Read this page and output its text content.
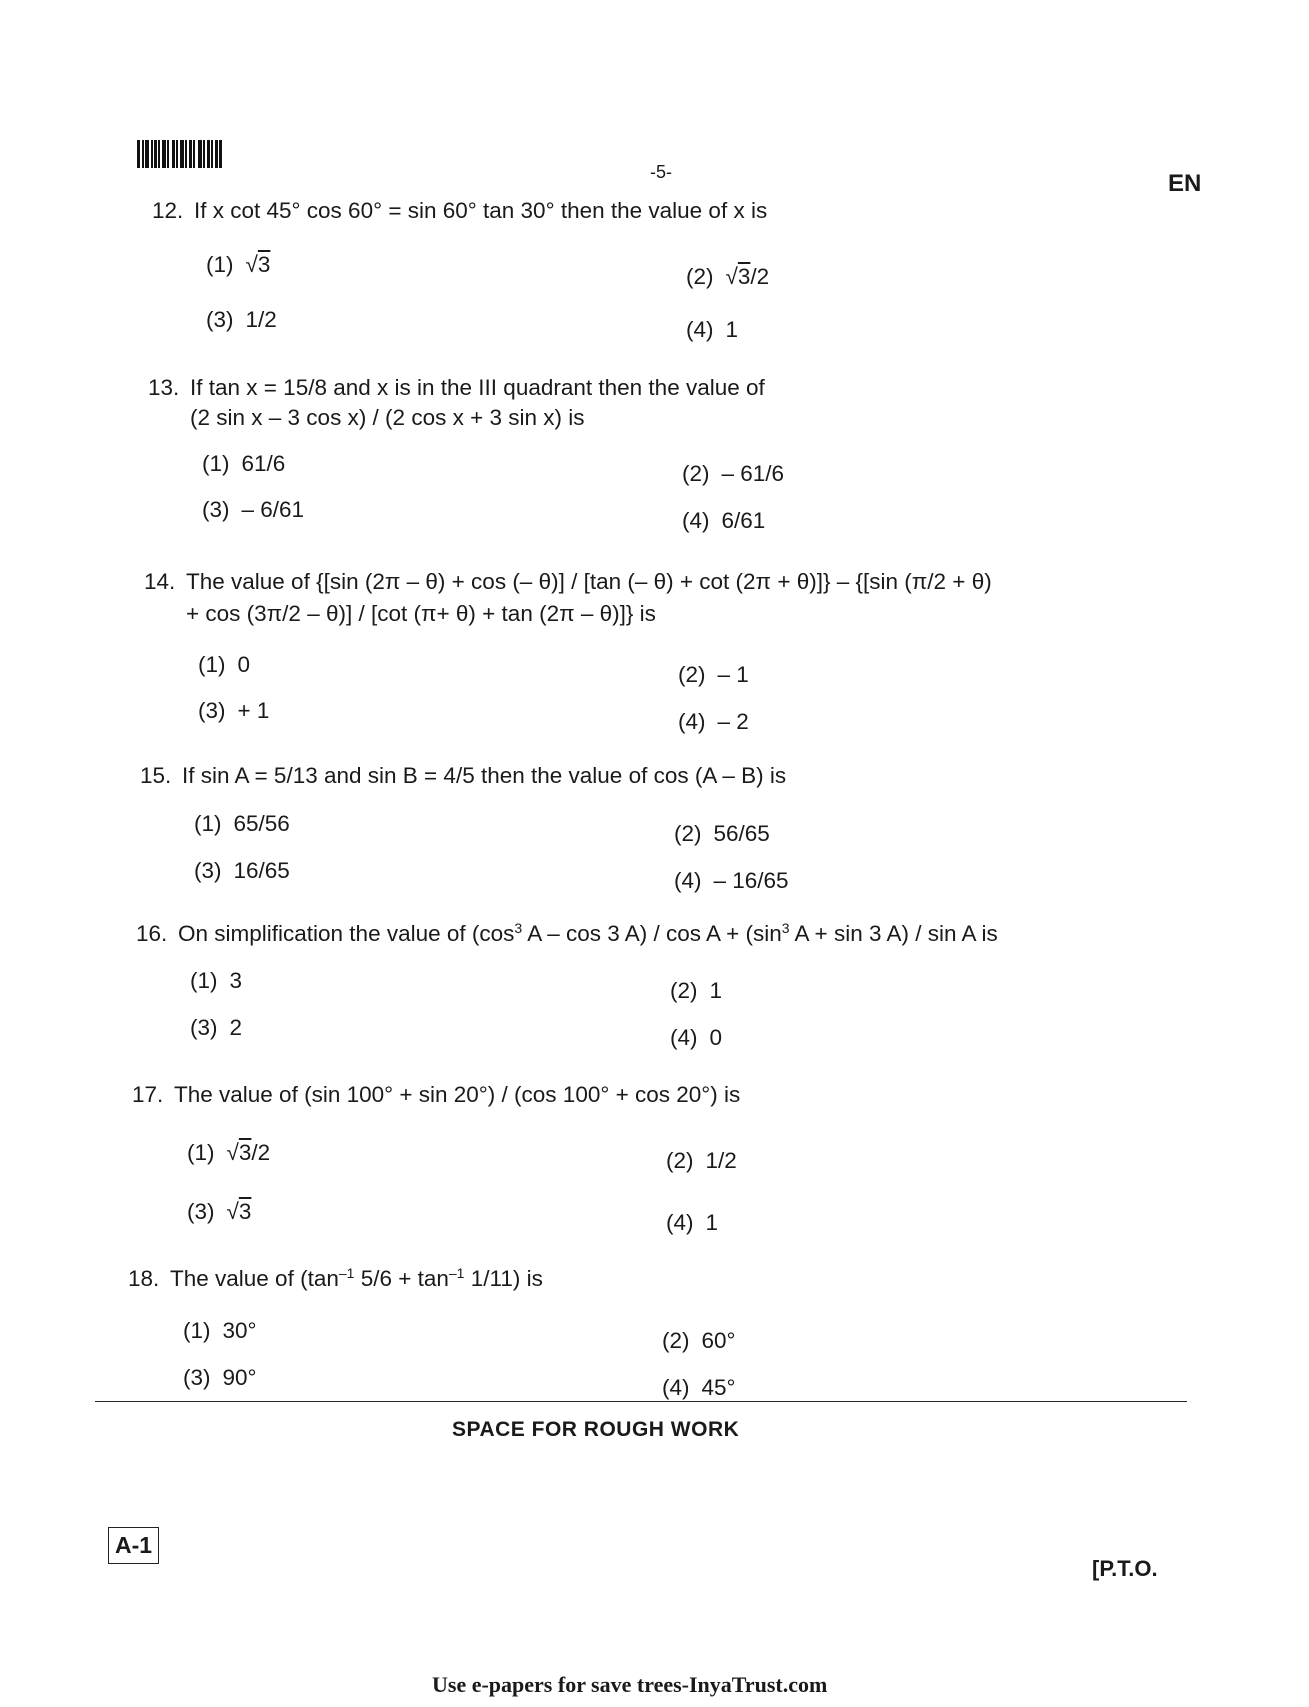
-5-	EN
12. If x cot 45° cos 60° = sin 60° tan 30° then the value of x is
(1) √3	(2) √3/2
(3) 1/2	(4) 1
13. If tan x = 15/8 and x is in the III quadrant then the value of
(2 sin x – 3 cos x) / (2 cos x + 3 sin x) is
(1) 61/6	(2) – 61/6
(3) – 6/61	(4) 6/61
14. The value of {[sin (2π – θ) + cos (– θ)] / [tan (– θ) + cot (2π + θ)]} – {[sin (π/2 + θ)
+ cos (3π/2 – θ)] / [cot (π+ θ) + tan (2π – θ)]} is
(1) 0	(2) – 1
(3) + 1	(4) – 2
15. If sin A = 5/13 and sin B = 4/5 then the value of cos (A – B) is
(1) 65/56	(2) 56/65
(3) 16/65	(4) – 16/65
16. On simplification the value of ($\cos^3$ A – cos 3 $A) / \cos A + (\sin^3$ A + sin 3 A) / sin A is
(1) 3	(2) 1
(3) 2	(4) 0
17. The value of (sin 100° + sin 20°) / (cos 100° + cos 20°) is
(1) √3/2	(2) 1/2
(3) √3	(4) 1
18. The value of ($\tan^{-1}$ $5/6 + \tan^{-1} 1/11$) is
(1) 30°	(2) 60°
(3) 90°	(4) 45°
SPACE FOR ROUGH WORK
A-1
[P.T.O.
Use e-papers for save trees-InyaTrust.com
